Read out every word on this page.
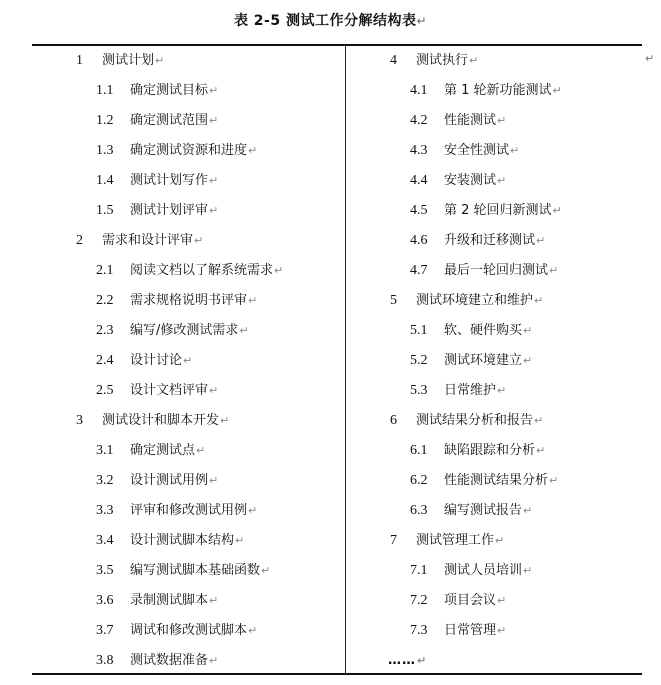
表 2-5 测试工作分解结构表↵
↵
1 测试计划↵
1.1 确定测试目标↵
1.2 确定测试范围↵
1.3 确定测试资源和进度↵
1.4 测试计划写作↵
1.5 测试计划评审↵
2 需求和设计评审↵
2.1 阅读文档以了解系统需求↵
2.2 需求规格说明书评审↵
2.3 编写/修改测试需求↵
2.4 设计讨论↵
2.5 设计文档评审↵
3 测试设计和脚本开发↵
3.1 确定测试点↵
3.2 设计测试用例↵
3.3 评审和修改测试用例↵
3.4 设计测试脚本结构↵
3.5 编写测试脚本基础函数↵
3.6 录制测试脚本↵
3.7 调试和修改测试脚本↵
3.8 测试数据准备↵
4 测试执行↵
4.1 第 1 轮新功能测试↵
4.2 性能测试↵
4.3 安全性测试↵
4.4 安装测试↵
4.5 第 2 轮回归新测试↵
4.6 升级和迁移测试↵
4.7 最后一轮回归测试↵
5 测试环境建立和维护↵
5.1 软、硬件购买↵
5.2 测试环境建立↵
5.3 日常维护↵
6 测试结果分析和报告↵
6.1 缺陷跟踪和分析↵
6.2 性能测试结果分析↵
6.3 编写测试报告↵
7 测试管理工作↵
7.1 测试人员培训↵
7.2 项目会议↵
7.3 日常管理↵
……↵
